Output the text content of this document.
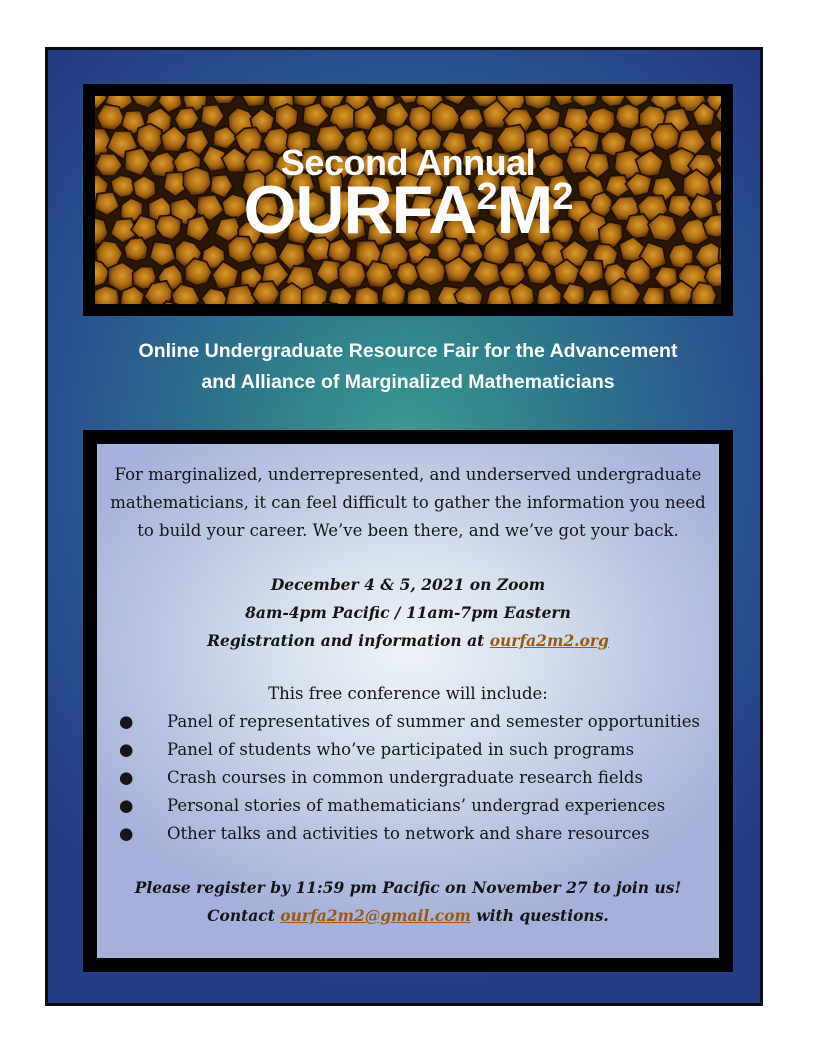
Second Annual
$OURFA^2M^2$
Online Undergraduate Resource Fair for the Advancement
and Alliance of Marginalized Mathematicians

For marginalized, underrepresented, and underserved undergraduate
mathematicians, it can feel difficult to gather the information you need
to build your career. We’ve been there, and we’ve got your back.

December 4 & 5, 2021 on Zoom
8am-4pm Pacific / 11am-7pm Eastern
Registration and information at ourfa2m2.org

This free conference will include:

● Panel of representatives of summer and semester opportunities
● Panel of students who’ve participated in such programs
● Crash courses in common undergraduate research fields
● Personal stories of mathematicians’ undergrad experiences
● Other talks and activities to network and share resources

Please register by 11:59 pm Pacific on November 27 to join us!
Contact ourfa2m2@gmail.com with questions.
